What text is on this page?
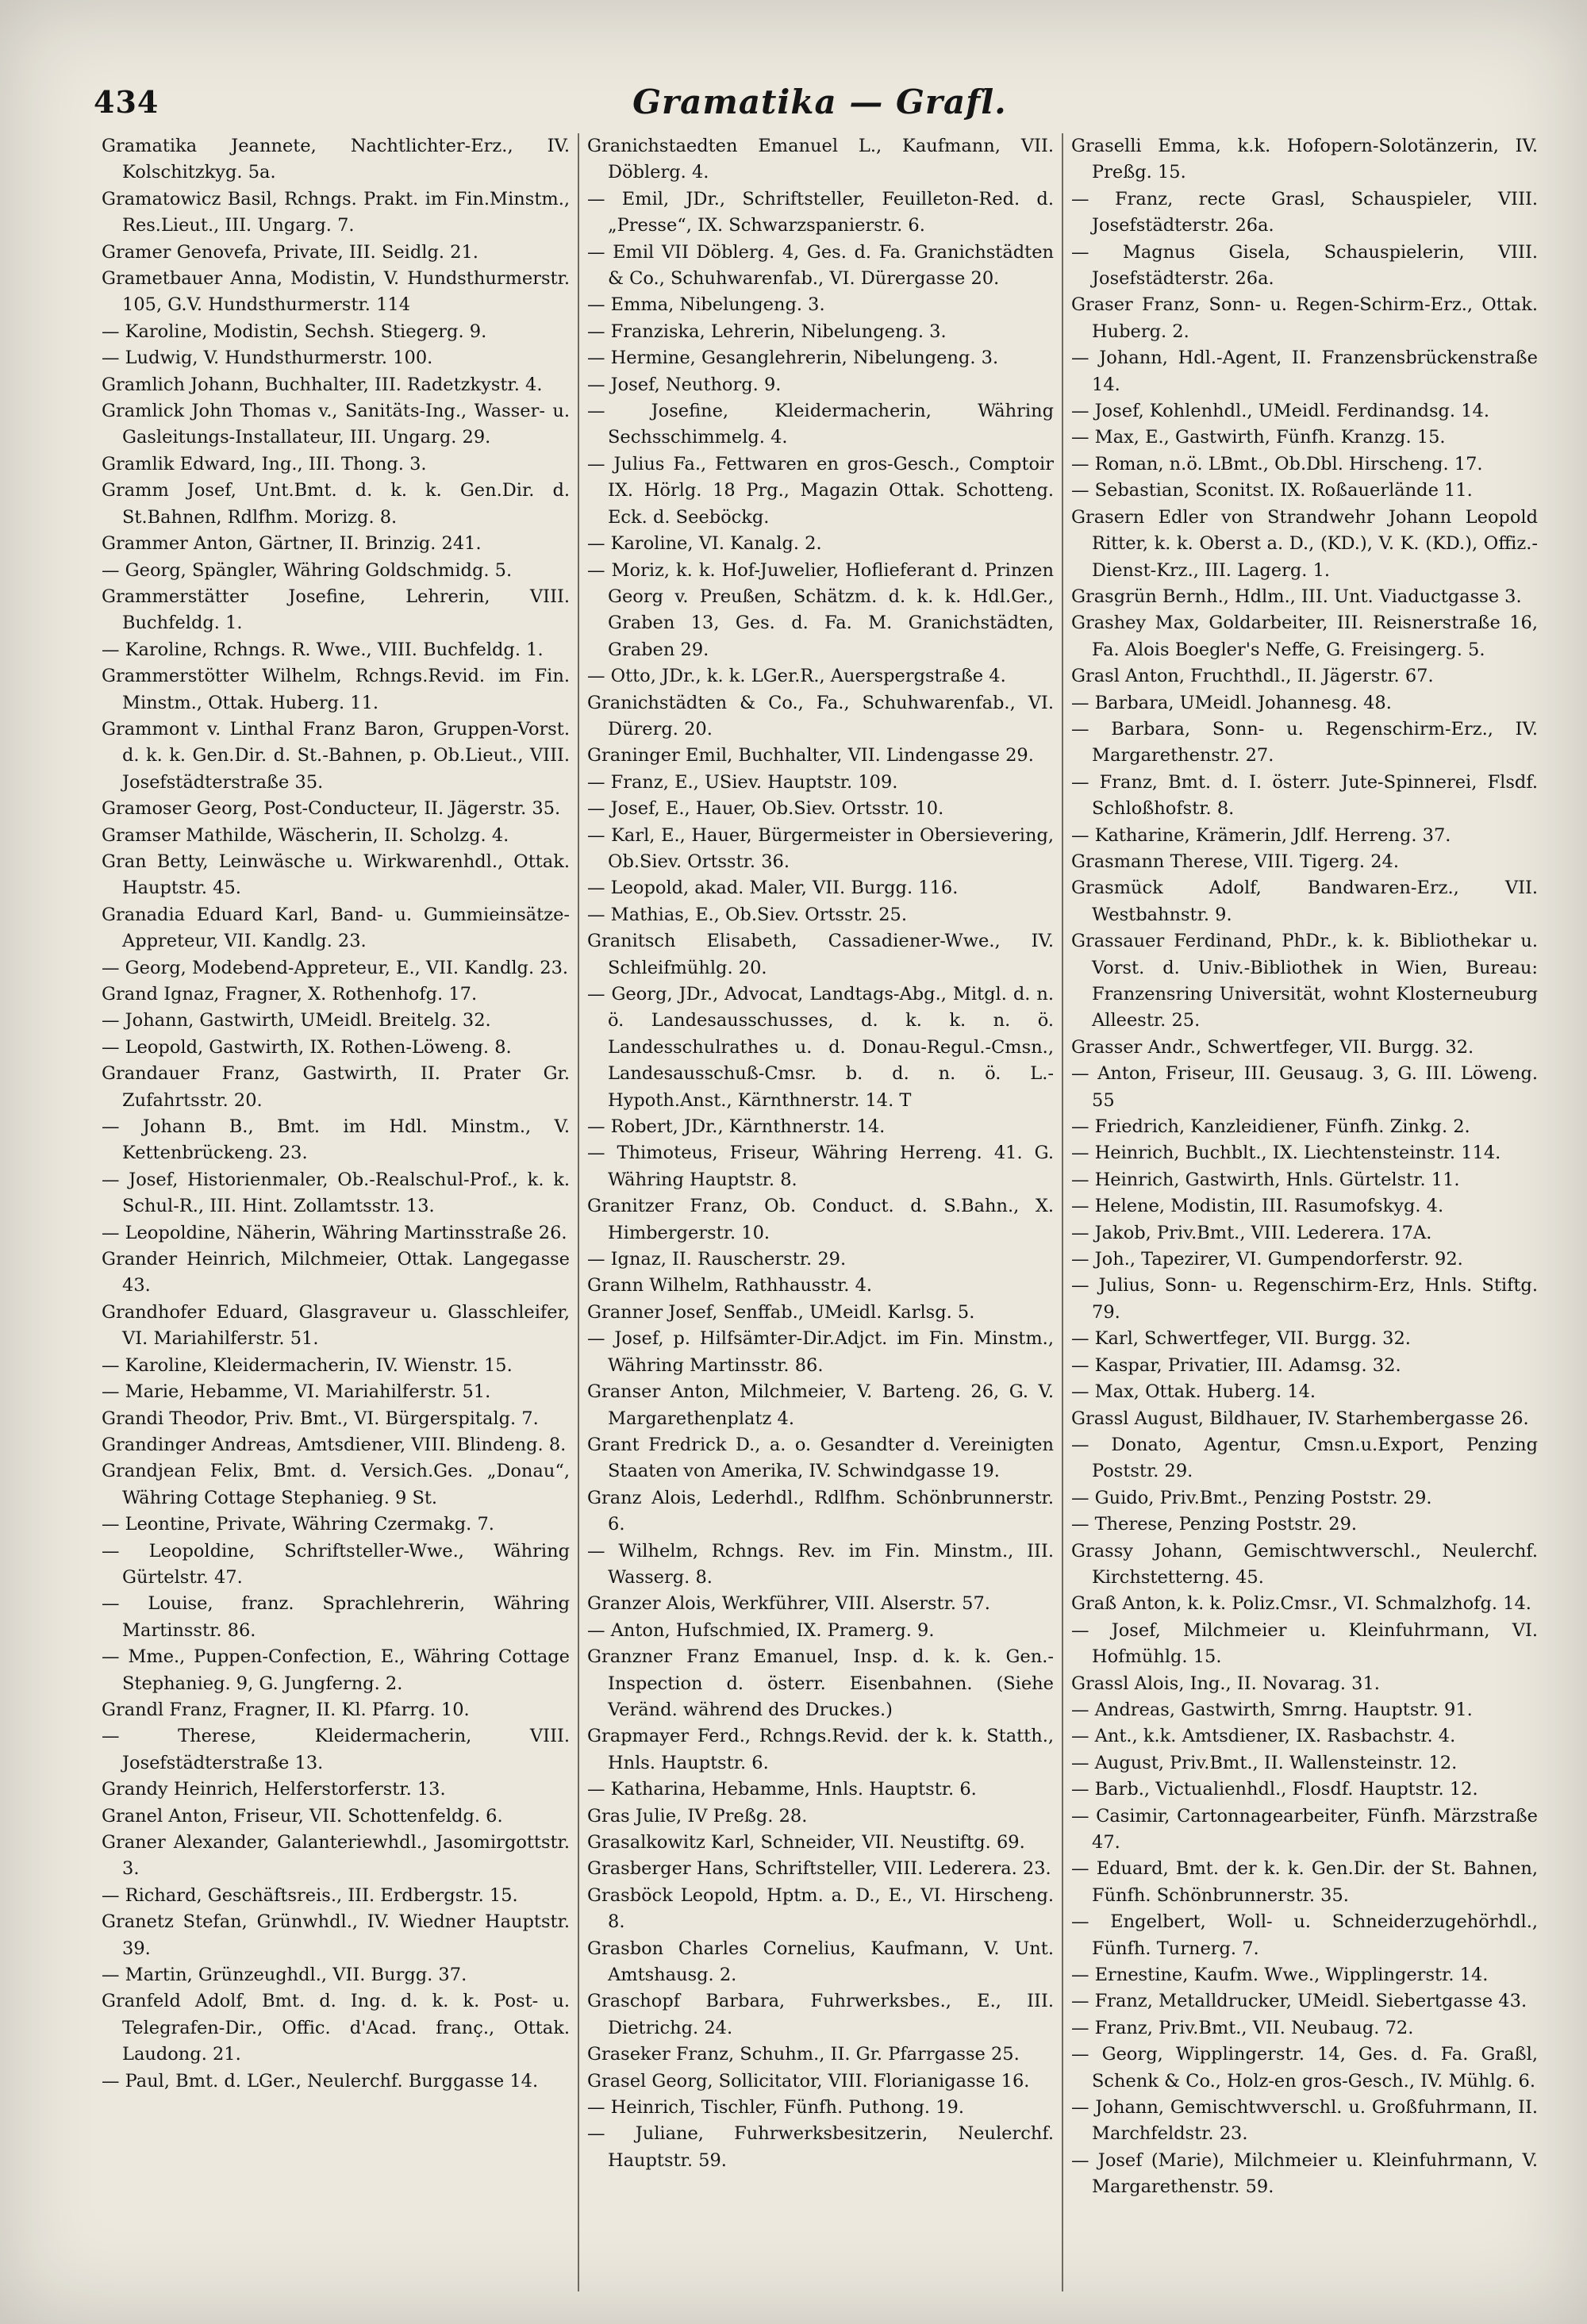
434	Gramatika — Grafl.
Gramatika Jeannete, Nachtlichter-Erz., IV. Kolschitzkyg. 5a.
Gramatowicz Basil, Rchngs. Prakt. im Fin.Minstm., Res.Lieut., III. Ungarg. 7.
Gramer Genovefa, Private, III. Seidlg. 21.
Grametbauer Anna, Modistin, V. Hundsthurmerstr. 105, G.V. Hundsthurmerstr. 114
— Karoline, Modistin, Sechsh. Stiegerg. 9.
— Ludwig, V. Hundsthurmerstr. 100.
Gramlich Johann, Buchhalter, III. Radetzkystr. 4.
Gramlick John Thomas v., Sanitäts-Ing., Wasser- u. Gasleitungs-Installateur, III. Ungarg. 29.
Gramlik Edward, Ing., III. Thong. 3.
Gramm Josef, Unt.Bmt. d. k. k. Gen.Dir. d. St.Bahnen, Rdlfhm. Morizg. 8.
Grammer Anton, Gärtner, II. Brinzig. 241.
— Georg, Spängler, Währing Goldschmidg. 5.
Grammerstätter Josefine, Lehrerin, VIII. Buchfeldg. 1.
— Karoline, Rchngs. R. Wwe., VIII. Buchfeldg. 1.
Grammerstötter Wilhelm, Rchngs.Revid. im Fin. Minstm., Ottak. Huberg. 11.
Grammont v. Linthal Franz Baron, Gruppen-Vorst. d. k. k. Gen.Dir. d. St.-Bahnen, p. Ob.Lieut., VIII. Josefstädterstraße 35.
Gramoser Georg, Post-Conducteur, II. Jägerstr. 35.
Gramser Mathilde, Wäscherin, II. Scholzg. 4.
Gran Betty, Leinwäsche u. Wirkwarenhdl., Ottak. Hauptstr. 45.
Granadia Eduard Karl, Band- u. Gummieinsätze-Appreteur, VII. Kandlg. 23.
— Georg, Modebend-Appreteur, E., VII. Kandlg. 23.
Grand Ignaz, Fragner, X. Rothenhofg. 17.
— Johann, Gastwirth, UMeidl. Breitelg. 32.
— Leopold, Gastwirth, IX. Rothen-Löweng. 8.
Grandauer Franz, Gastwirth, II. Prater Gr. Zufahrtsstr. 20.
— Johann B., Bmt. im Hdl. Minstm., V. Kettenbrückeng. 23.
— Josef, Historienmaler, Ob.-Realschul-Prof., k. k. Schul-R., III. Hint. Zollamtsstr. 13.
— Leopoldine, Näherin, Währing Martinsstraße 26.
Grander Heinrich, Milchmeier, Ottak. Langegasse 43.
Grandhofer Eduard, Glasgraveur u. Glasschleifer, VI. Mariahilferstr. 51.
— Karoline, Kleidermacherin, IV. Wienstr. 15.
— Marie, Hebamme, VI. Mariahilferstr. 51.
Grandi Theodor, Priv. Bmt., VI. Bürgerspitalg. 7.
Grandinger Andreas, Amtsdiener, VIII. Blindeng. 8.
Grandjean Felix, Bmt. d. Versich.Ges. „Donau“, Währing Cottage Stephanieg. 9 St.
— Leontine, Private, Währing Czermakg. 7.
— Leopoldine, Schriftsteller-Wwe., Währing Gürtelstr. 47.
— Louise, franz. Sprachlehrerin, Währing Martinsstr. 86.
— Mme., Puppen-Confection, E., Währing Cottage Stephanieg. 9, G. Jungferng. 2.
Grandl Franz, Fragner, II. Kl. Pfarrg. 10.
— Therese, Kleidermacherin, VIII. Josefstädterstraße 13.
Grandy Heinrich, Helferstorferstr. 13.
Granel Anton, Friseur, VII. Schottenfeldg. 6.
Graner Alexander, Galanteriewhdl., Jasomirgottstr. 3.
— Richard, Geschäftsreis., III. Erdbergstr. 15.
Granetz Stefan, Grünwhdl., IV. Wiedner Hauptstr. 39.
— Martin, Grünzeughdl., VII. Burgg. 37.
Granfeld Adolf, Bmt. d. Ing. d. k. k. Post- u. Telegrafen-Dir., Offic. d'Acad. franç., Ottak. Laudong. 21.
— Paul, Bmt. d. LGer., Neulerchf. Burggasse 14.
Granichstaedten Emanuel L., Kaufmann, VII. Döblerg. 4.
— Emil, JDr., Schriftsteller, Feuilleton-Red. d. „Presse“, IX. Schwarzspanierstr. 6.
— Emil VII Döblerg. 4, Ges. d. Fa. Granichstädten & Co., Schuhwarenfab., VI. Dürergasse 20.
— Emma, Nibelungeng. 3.
— Franziska, Lehrerin, Nibelungeng. 3.
— Hermine, Gesanglehrerin, Nibelungeng. 3.
— Josef, Neuthorg. 9.
— Josefine, Kleidermacherin, Währing Sechsschimmelg. 4.
— Julius Fa., Fettwaren en gros-Gesch., Comptoir IX. Hörlg. 18 Prg., Magazin Ottak. Schotteng. Eck. d. Seeböckg.
— Karoline, VI. Kanalg. 2.
— Moriz, k. k. Hof-Juwelier, Hoflieferant d. Prinzen Georg v. Preußen, Schätzm. d. k. k. Hdl.Ger., Graben 13, Ges. d. Fa. M. Granichstädten, Graben 29.
— Otto, JDr., k. k. LGer.R., Auerspergstraße 4.
Granichstädten & Co., Fa., Schuhwarenfab., VI. Dürerg. 20.
Graninger Emil, Buchhalter, VII. Lindengasse 29.
— Franz, E., USiev. Hauptstr. 109.
— Josef, E., Hauer, Ob.Siev. Ortsstr. 10.
— Karl, E., Hauer, Bürgermeister in Obersievering, Ob.Siev. Ortsstr. 36.
— Leopold, akad. Maler, VII. Burgg. 116.
— Mathias, E., Ob.Siev. Ortsstr. 25.
Granitsch Elisabeth, Cassadiener-Wwe., IV. Schleifmühlg. 20.
— Georg, JDr., Advocat, Landtags-Abg., Mitgl. d. n. ö. Landesausschusses, d. k. k. n. ö. Landesschulrathes u. d. Donau-Regul.-Cmsn., Landesausschuß-Cmsr. b. d. n. ö. L.-Hypoth.Anst., Kärnthnerstr. 14. T
— Robert, JDr., Kärnthnerstr. 14.
— Thimoteus, Friseur, Währing Herreng. 41. G. Währing Hauptstr. 8.
Granitzer Franz, Ob. Conduct. d. S.Bahn., X. Himbergerstr. 10.
— Ignaz, II. Rauscherstr. 29.
Grann Wilhelm, Rathhausstr. 4.
Granner Josef, Senffab., UMeidl. Karlsg. 5.
— Josef, p. Hilfsämter-Dir.Adjct. im Fin. Minstm., Währing Martinsstr. 86.
Granser Anton, Milchmeier, V. Barteng. 26, G. V. Margarethenplatz 4.
Grant Fredrick D., a. o. Gesandter d. Vereinigten Staaten von Amerika, IV. Schwindgasse 19.
Granz Alois, Lederhdl., Rdlfhm. Schönbrunnerstr. 6.
— Wilhelm, Rchngs. Rev. im Fin. Minstm., III. Wasserg. 8.
Granzer Alois, Werkführer, VIII. Alserstr. 57.
— Anton, Hufschmied, IX. Pramerg. 9.
Granzner Franz Emanuel, Insp. d. k. k. Gen.-Inspection d. österr. Eisenbahnen. (Siehe Veränd. während des Druckes.)
Grapmayer Ferd., Rchngs.Revid. der k. k. Statth., Hnls. Hauptstr. 6.
— Katharina, Hebamme, Hnls. Hauptstr. 6.
Gras Julie, IV Preßg. 28.
Grasalkowitz Karl, Schneider, VII. Neustiftg. 69.
Grasberger Hans, Schriftsteller, VIII. Lederera. 23.
Grasböck Leopold, Hptm. a. D., E., VI. Hirscheng. 8.
Grasbon Charles Cornelius, Kaufmann, V. Unt. Amtshausg. 2.
Graschopf Barbara, Fuhrwerksbes., E., III. Dietrichg. 24.
Graseker Franz, Schuhm., II. Gr. Pfarrgasse 25.
Grasel Georg, Sollicitator, VIII. Florianigasse 16.
— Heinrich, Tischler, Fünfh. Puthong. 19.
— Juliane, Fuhrwerksbesitzerin, Neulerchf. Hauptstr. 59.
Graselli Emma, k.k. Hofopern-Solotänzerin, IV. Preßg. 15.
— Franz, recte Grasl, Schauspieler, VIII. Josefstädterstr. 26a.
— Magnus Gisela, Schauspielerin, VIII. Josefstädterstr. 26a.
Graser Franz, Sonn- u. Regen-Schirm-Erz., Ottak. Huberg. 2.
— Johann, Hdl.-Agent, II. Franzensbrückenstraße 14.
— Josef, Kohlenhdl., UMeidl. Ferdinandsg. 14.
— Max, E., Gastwirth, Fünfh. Kranzg. 15.
— Roman, n.ö. LBmt., Ob.Dbl. Hirscheng. 17.
— Sebastian, Sconitst. IX. Roßauerlände 11.
Grasern Edler von Strandwehr Johann Leopold Ritter, k. k. Oberst a. D., (KD.), V. K. (KD.), Offiz.-Dienst-Krz., III. Lagerg. 1.
Grasgrün Bernh., Hdlm., III. Unt. Viaductgasse 3.
Grashey Max, Goldarbeiter, III. Reisnerstraße 16, Fa. Alois Boegler's Neffe, G. Freisingerg. 5.
Grasl Anton, Fruchthdl., II. Jägerstr. 67.
— Barbara, UMeidl. Johannesg. 48.
— Barbara, Sonn- u. Regenschirm-Erz., IV. Margarethenstr. 27.
— Franz, Bmt. d. I. österr. Jute-Spinnerei, Flsdf. Schloßhofstr. 8.
— Katharine, Krämerin, Jdlf. Herreng. 37.
Grasmann Therese, VIII. Tigerg. 24.
Grasmück Adolf, Bandwaren-Erz., VII. Westbahnstr. 9.
Grassauer Ferdinand, PhDr., k. k. Bibliothekar u. Vorst. d. Univ.-Bibliothek in Wien, Bureau: Franzensring Universität, wohnt Klosterneuburg Alleestr. 25.
Grasser Andr., Schwertfeger, VII. Burgg. 32.
— Anton, Friseur, III. Geusaug. 3, G. III. Löweng. 55
— Friedrich, Kanzleidiener, Fünfh. Zinkg. 2.
— Heinrich, Buchblt., IX. Liechtensteinstr. 114.
— Heinrich, Gastwirth, Hnls. Gürtelstr. 11.
— Helene, Modistin, III. Rasumofskyg. 4.
— Jakob, Priv.Bmt., VIII. Lederera. 17A.
— Joh., Tapezirer, VI. Gumpendorferstr. 92.
— Julius, Sonn- u. Regenschirm-Erz, Hnls. Stiftg. 79.
— Karl, Schwertfeger, VII. Burgg. 32.
— Kaspar, Privatier, III. Adamsg. 32.
— Max, Ottak. Huberg. 14.
Grassl August, Bildhauer, IV. Starhembergasse 26.
— Donato, Agentur, Cmsn.u.Export, Penzing Poststr. 29.
— Guido, Priv.Bmt., Penzing Poststr. 29.
— Therese, Penzing Poststr. 29.
Grassy Johann, Gemischtwverschl., Neulerchf. Kirchstetterng. 45.
Graß Anton, k. k. Poliz.Cmsr., VI. Schmalzhofg. 14.
— Josef, Milchmeier u. Kleinfuhrmann, VI. Hofmühlg. 15.
Grassl Alois, Ing., II. Novarag. 31.
— Andreas, Gastwirth, Smrng. Hauptstr. 91.
— Ant., k.k. Amtsdiener, IX. Rasbachstr. 4.
— August, Priv.Bmt., II. Wallensteinstr. 12.
— Barb., Victualienhdl., Flosdf. Hauptstr. 12.
— Casimir, Cartonnagearbeiter, Fünfh. Märzstraße 47.
— Eduard, Bmt. der k. k. Gen.Dir. der St. Bahnen, Fünfh. Schönbrunnerstr. 35.
— Engelbert, Woll- u. Schneiderzugehörhdl., Fünfh. Turnerg. 7.
— Ernestine, Kaufm. Wwe., Wipplingerstr. 14.
— Franz, Metalldrucker, UMeidl. Siebertgasse 43.
— Franz, Priv.Bmt., VII. Neubaug. 72.
— Georg, Wipplingerstr. 14, Ges. d. Fa. Graßl, Schenk & Co., Holz-en gros-Gesch., IV. Mühlg. 6.
— Johann, Gemischtwverschl. u. Großfuhrmann, II. Marchfeldstr. 23.
— Josef (Marie), Milchmeier u. Kleinfuhrmann, V. Margarethenstr. 59.
